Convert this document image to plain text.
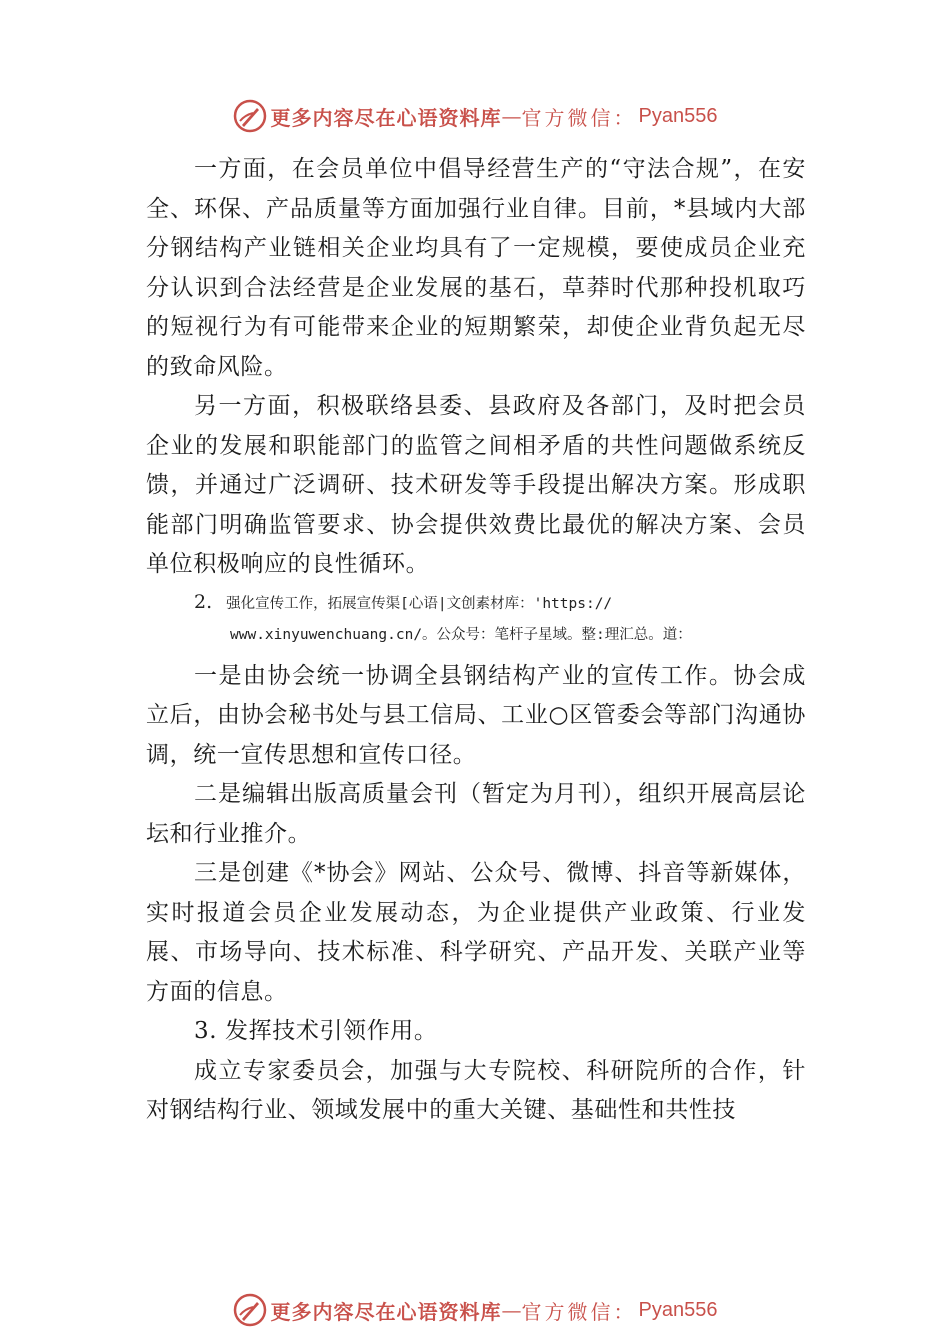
更多内容尽在心语资料库 — 官方微信： Pyan556

一方面，在会员单位中倡导经营生产的“守法合规”，在安全、环保、产品质量等方面加强行业自律。目前，*县域内大部分钢结构产业链相关企业均具有了一定规模，要使成员企业充分认识到合法经营是企业发展的基石，草莽时代那种投机取巧的短视行为有可能带来企业的短期繁荣，却使企业背负起无尽的致命风险。

另一方面，积极联络县委、县政府及各部门，及时把会员企业的发展和职能部门的监管之间相矛盾的共性问题做系统反馈，并通过广泛调研、技术研发等手段提出解决方案。形成职能部门明确监管要求、协会提供效费比最优的解决方案、会员单位积极响应的良性循环。

2. 强化宣传工作，拓展宣传渠[心语|文创素材库：'https://
www.xinyuwenchuang.cn/。公众号：笔杆子星域。整:理汇总。道：

一是由协会统一协调全县钢结构产业的宣传工作。协会成立后，由协会秘书处与县工信局、工业○区管委会等部门沟通协调，统一宣传思想和宣传口径。

二是编辑出版高质量会刊（暂定为月刊），组织开展高层论坛和行业推介。

三是创建《*协会》网站、公众号、微博、抖音等新媒体，实时报道会员企业发展动态，为企业提供产业政策、行业发展、市场导向、技术标准、科学研究、产品开发、关联产业等方面的信息。

3. 发挥技术引领作用。

成立专家委员会，加强与大专院校、科研院所的合作，针对钢结构行业、领域发展中的重大关键、基础性和共性技

更多内容尽在心语资料库 — 官方微信： Pyan556
